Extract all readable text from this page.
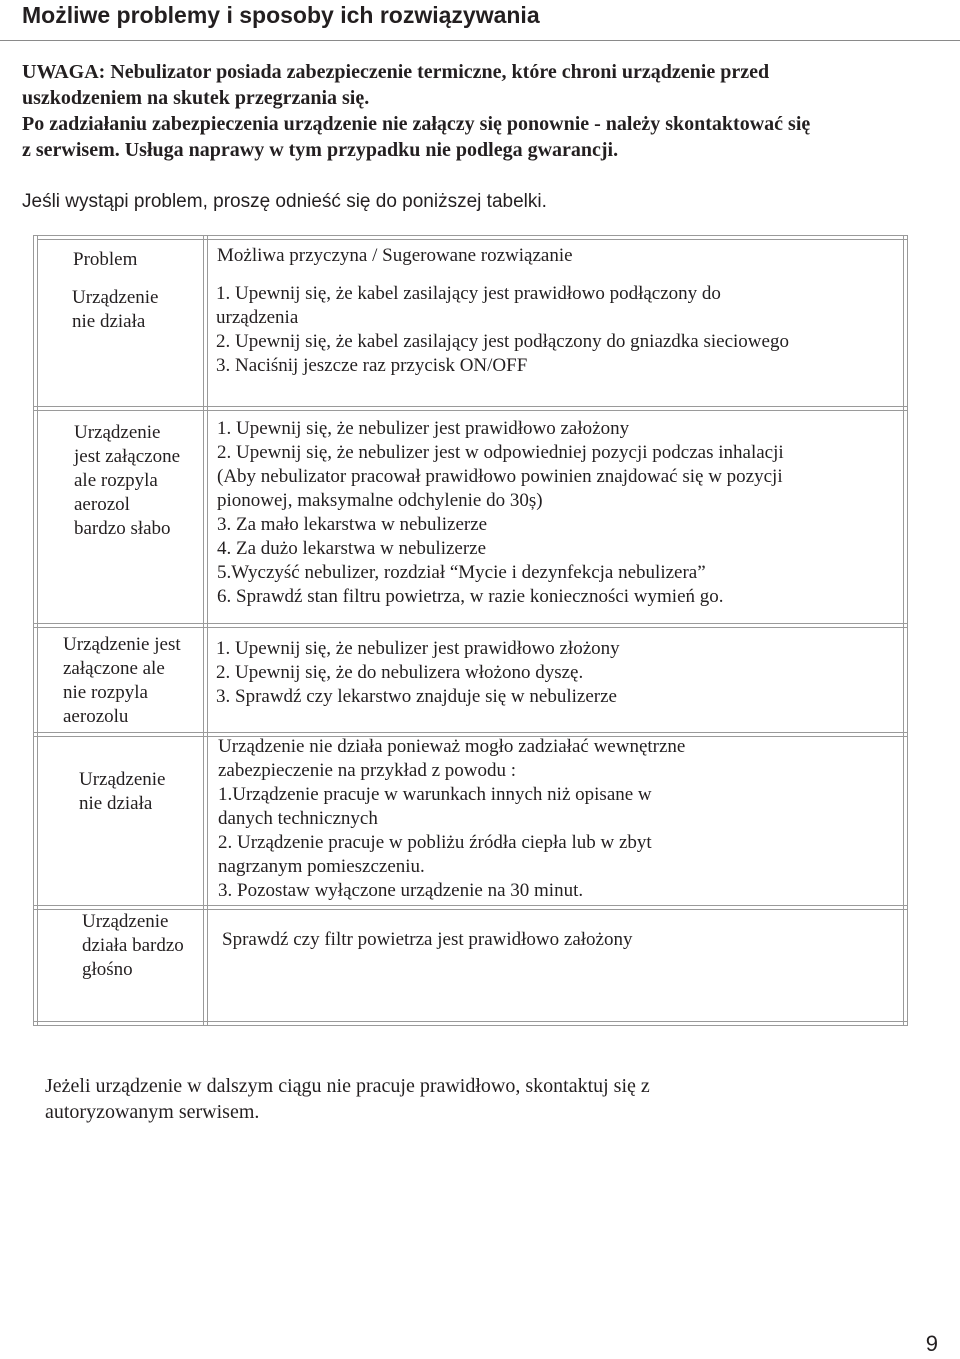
Możliwe problemy i sposoby ich rozwiązywania
UWAGA: Nebulizator posiada zabezpieczenie termiczne, które chroni urządzenie przed
uszkodzeniem na skutek przegrzania się.
Po zadziałaniu zabezpieczenia urządzenie nie załączy się ponownie - należy skontaktować się
z serwisem. Usługa naprawy w tym przypadku nie podlega gwarancji.
Jeśli wystąpi problem, proszę odnieść się do poniższej tabelki.
Problem	Możliwa przyczyna / Sugerowane rozwiązanie
Urządzenie
nie działa
1. Upewnij się, że kabel zasilający jest prawidłowo podłączony do
urządzenia
2. Upewnij się, że kabel zasilający jest podłączony do gniazdka sieciowego
3. Naciśnij jeszcze raz przycisk ON/OFF
Urządzenie
jest załączone
ale rozpyla
aerozol
bardzo słabo
1. Upewnij się, że nebulizer jest prawidłowo założony
2. Upewnij się, że nebulizer jest w odpowiedniej pozycji podczas inhalacji
(Aby nebulizator pracował prawidłowo powinien znajdować się w pozycji
pionowej, maksymalne odchylenie do 30ș)
3. Za mało lekarstwa w nebulizerze
4. Za dużo lekarstwa w nebulizerze
5.Wyczyść nebulizer, rozdział “Mycie i dezynfekcja nebulizera”
6. Sprawdź stan filtru powietrza, w razie konieczności wymień go.
Urządzenie jest
załączone ale
nie rozpyla
aerozolu
1. Upewnij się, że nebulizer jest prawidłowo złożony
2. Upewnij się, że do nebulizera włożono dyszę.
3. Sprawdź czy lekarstwo znajduje się w nebulizerze
Urządzenie
nie działa
Urządzenie nie działa ponieważ mogło zadziałać wewnętrzne
zabezpieczenie na przykład z powodu :
1.Urządzenie pracuje w warunkach innych niż opisane w
danych technicznych
2. Urządzenie pracuje w pobliżu źródła ciepła lub w zbyt
nagrzanym pomieszczeniu.
3. Pozostaw wyłączone urządzenie na 30 minut.
Urządzenie
działa bardzo
głośno
Sprawdź czy filtr powietrza jest prawidłowo założony
Jeżeli urządzenie w dalszym ciągu nie pracuje prawidłowo, skontaktuj się z
autoryzowanym serwisem.
9
